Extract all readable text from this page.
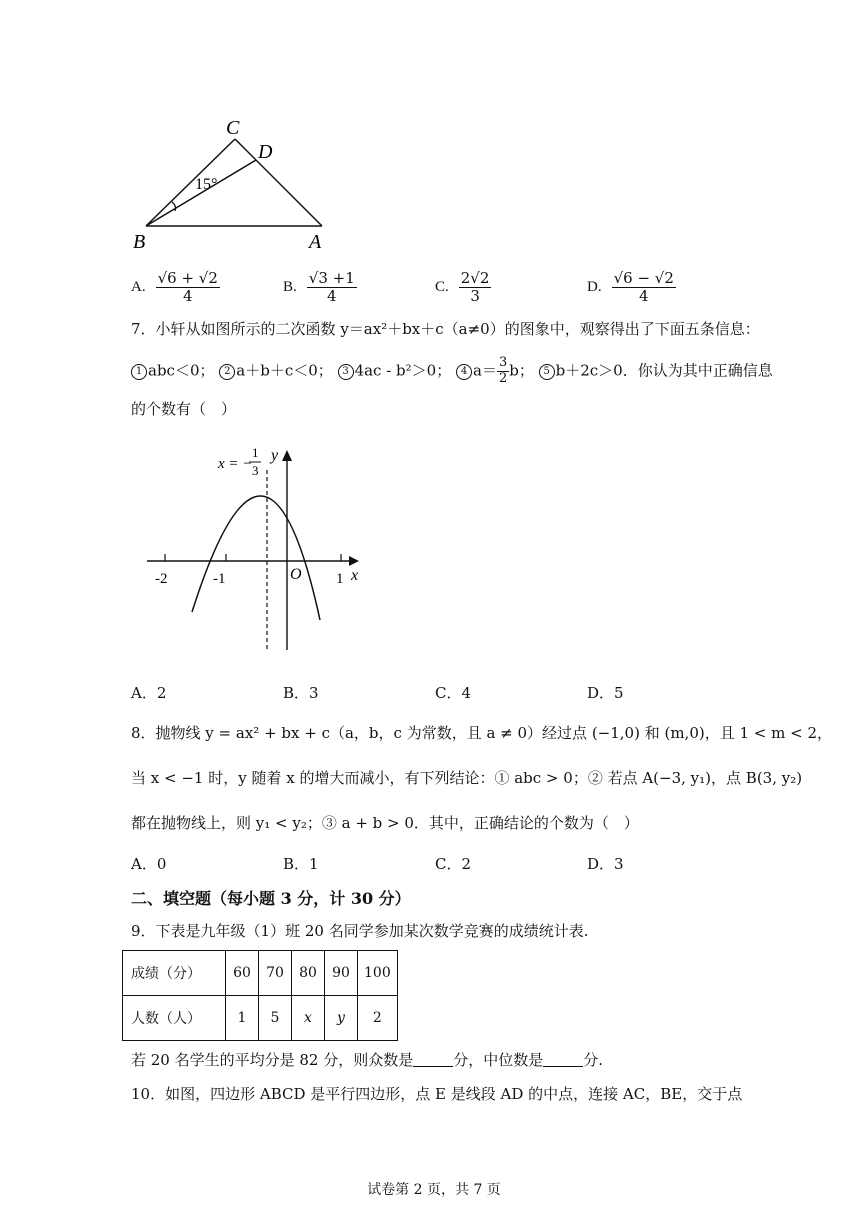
C
D
B	A
15°
A. $\frac{√6 + √2}{4}$	B. $\frac{√3 +1}{4}$	C. $\frac{2√2}{3}$	D. $\frac{√6 - √2}{4}$
7．小轩从如图所示的二次函数 y＝ax²＋bx＋c（a≠0）的图象中，观察得出了下面五条信息：
1 abc＜0； 2 a＋b＋c＜0； 3 4ac - b²＞0； 4 $a= \frac{3}{2}$ b； 5 b＋2c＞0．你认为其中正确信息
的个数有（　）
-2	-1	1
O	x
y
x = −
1
3
A．2	B．3	C．4	D．5
8．抛物线 y = ax² + bx + c（a，b，c 为常数，且 a ≠ 0）经过点 (−1,0) 和 (m,0)，且 1 < m < 2，
当 x < −1 时，y 随着 x 的增大而减小，有下列结论：① abc > 0；② 若点 A(−3, y₁)，点 B(3, y₂)
都在抛物线上，则 y₁ < y₂；③ a + b > 0．其中，正确结论的个数为（　）
A．0	B．1	C．2	D．3
二、填空题（每小题 3 分，计 30 分）
9．下表是九年级（1）班 20 名同学参加某次数学竞赛的成绩统计表.
成绩（分）	60	70	80	90	100
人数（人）	1	5	x	y	2
若 20 名学生的平均分是 82 分，则众数是	分，中位数是	分.
10．如图，四边形 ABCD 是平行四边形，点 E 是线段 AD 的中点，连接 AC，BE，交于点
试卷第 2 页，共 7 页
